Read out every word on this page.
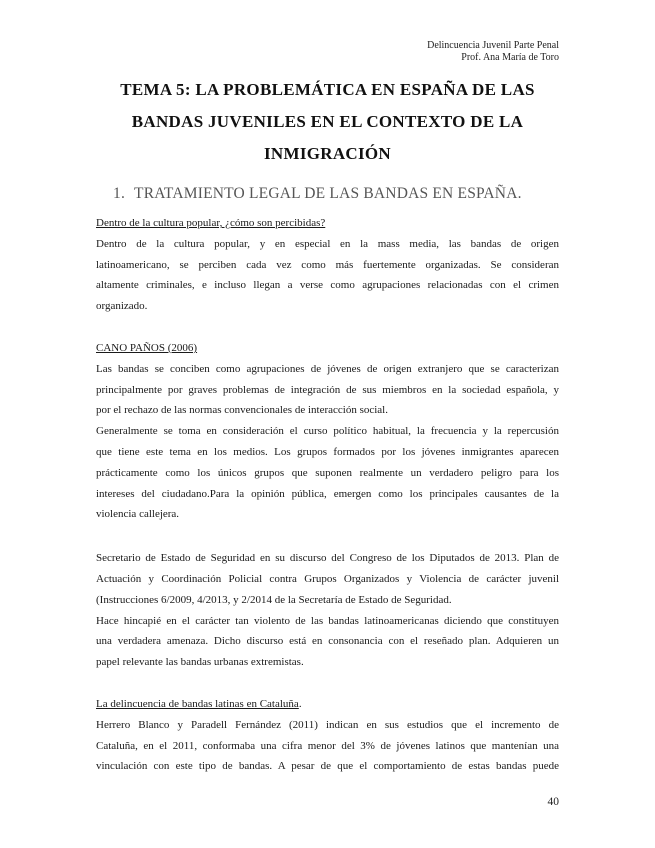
Delincuencia Juvenil Parte Penal
Prof. Ana María de Toro
TEMA 5: LA PROBLEMÁTICA EN ESPAÑA DE LAS
BANDAS JUVENILES EN EL CONTEXTO DE LA
INMIGRACIÓN
1. TRATAMIENTO LEGAL DE LAS BANDAS EN ESPAÑA.
Dentro de la cultura popular, ¿cómo son percibidas?

Dentro de la cultura popular, y en especial en la mass media, las bandas de origen
latinoamericano, se perciben cada vez como más fuertemente organizadas. Se consideran
altamente criminales, e incluso llegan a verse como agrupaciones relacionadas con el crimen
organizado.

CANO PAÑOS (2006)

Las bandas se conciben como agrupaciones de jóvenes de origen extranjero que se caracterizan
principalmente por graves problemas de integración de sus miembros en la sociedad española, y
por el rechazo de las normas convencionales de interacción social.

Generalmente se toma en consideración el curso político habitual, la frecuencia y la repercusión
que tiene este tema en los medios. Los grupos formados por los jóvenes inmigrantes aparecen
prácticamente como los únicos grupos que suponen realmente un verdadero peligro para los
intereses del ciudadano.Para la opinión pública, emergen como los principales causantes de la
violencia callejera.

Secretario de Estado de Seguridad en su discurso del Congreso de los Diputados de 2013. Plan de
Actuación y Coordinación Policial contra Grupos Organizados y Violencia de carácter juvenil
(Instrucciones 6/2009, 4/2013, y 2/2014 de la Secretaría de Estado de Seguridad.

Hace hincapié en el carácter tan violento de las bandas latinoamericanas diciendo que constituyen
una verdadera amenaza. Dicho discurso está en consonancia con el reseñado plan. Adquieren un
papel relevante las bandas urbanas extremistas.

La delincuencia de bandas latinas en Cataluña.

Herrero Blanco y Paradell Fernández (2011) indican en sus estudios que el incremento de
Cataluña, en el 2011, conformaba una cifra menor del 3% de jóvenes latinos que mantenían una
vinculación con este tipo de bandas. A pesar de que el comportamiento de estas bandas puede

40
